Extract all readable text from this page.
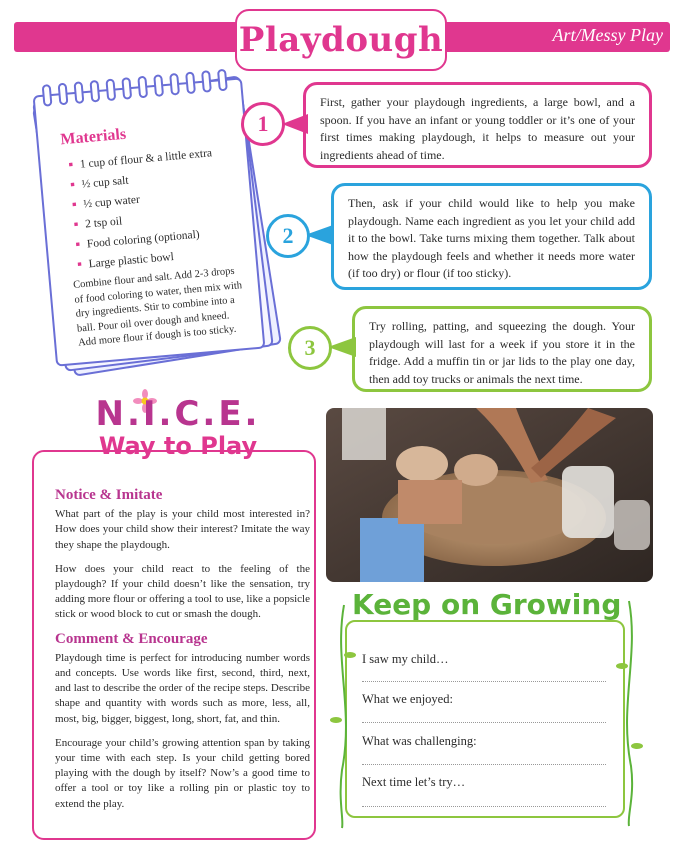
Art/Messy Play
Playdough
Materials
■ 1 cup of flour & a little extra
■ ½ cup salt
■ ½ cup water
■ 2 tsp oil
■ Food coloring (optional)
■ Large plastic bowl
Combine flour and salt. Add 2-3 drops of food coloring to water, then mix with dry ingredients. Stir to combine into a ball. Pour oil over dough and kneed. Add more flour if dough is too sticky.
1
First, gather your playdough ingredients, a large bowl, and a spoon. If you have an infant or young toddler or it’s one of your first times making playdough, it helps to measure out your ingredients ahead of time.
2
Then, ask if your child would like to help you make playdough. Name each ingredient as you let your child add it to the bowl. Take turns mixing them together. Talk about how the playdough feels and whether it needs more water (if too dry) or flour (if too sticky).
3
Try rolling, patting, and squeezing the dough. Your playdough will last for a week if you store it in the fridge. Add a muffin tin or jar lids to the play one day, then add toy trucks or animals the next time.
N.I.C.E.
Way to Play
Notice & Imitate

What part of the play is your child most interested in? How does your child show their interest? Imitate the way they shape the playdough.

How does your child react to the feeling of the playdough? If your child doesn’t like the sensation, try adding more flour or offering a tool to use, like a popsicle stick or wood block to cut or smash the dough.

Comment & Encourage

Playdough time is perfect for introducing number words and concepts. Use words like first, second, third, next, and last to describe the order of the recipe steps. Describe shape and quantity with words such as more, less, all, most, big, bigger, biggest, long, short, fat, and thin.

Encourage your child’s growing attention span by taking your time with each step. Is your child getting bored playing with the dough by itself? Now’s a good time to offer a tool or toy like a rolling pin or plastic toy to extend the play.

Keep on Growing
I saw my child…
What we enjoyed:
What was challenging:
Next time let’s try…
